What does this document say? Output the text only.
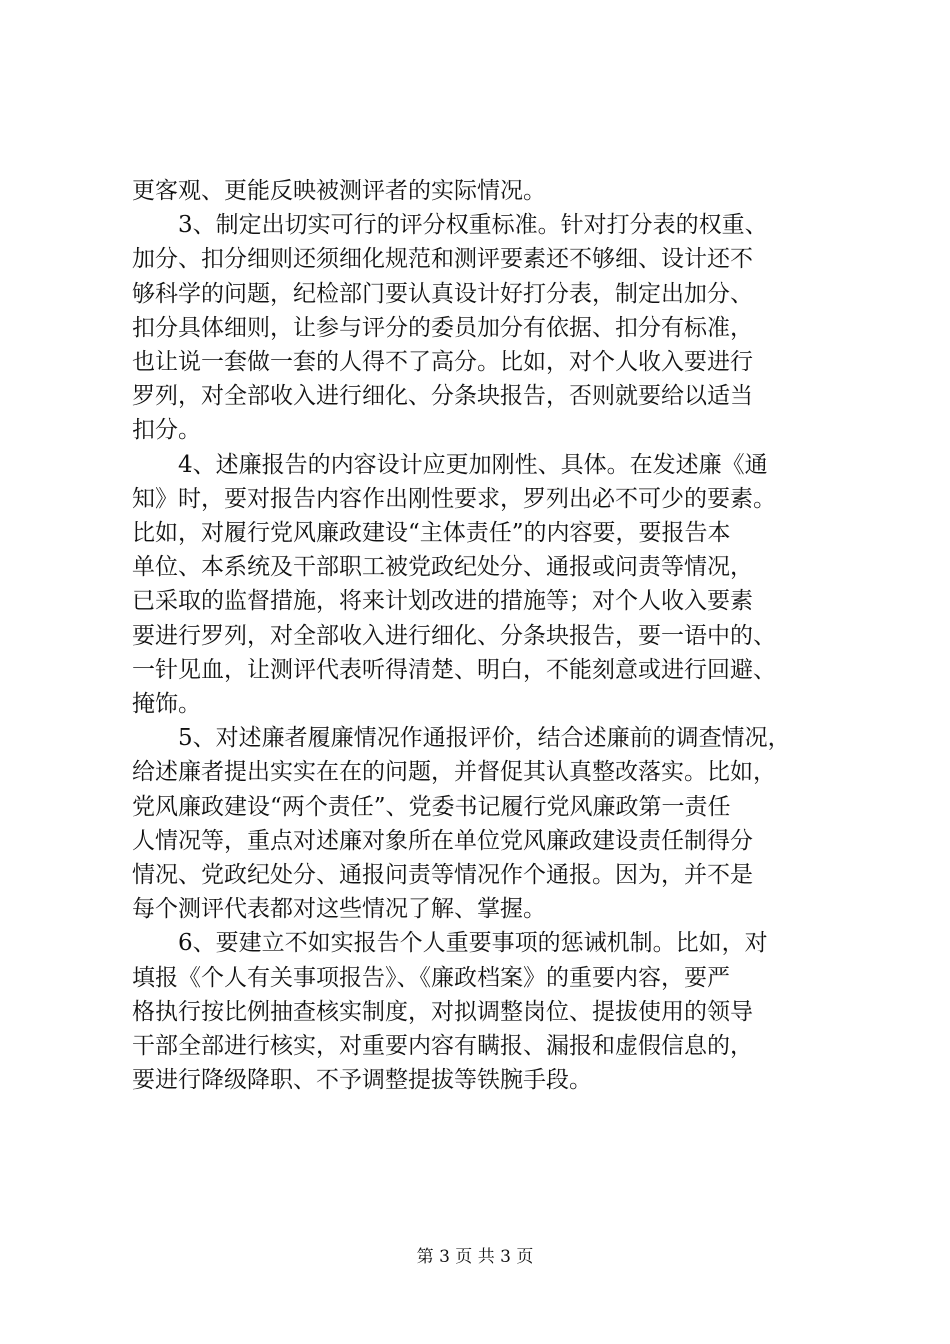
更客观、更能反映被测评者的实际情况。

3、制定出切实可行的评分权重标准。针对打分表的权重、
加分、扣分细则还须细化规范和测评要素还不够细、设计还不
够科学的问题，纪检部门要认真设计好打分表，制定出加分、
扣分具体细则，让参与评分的委员加分有依据、扣分有标准，
也让说一套做一套的人得不了高分。比如，对个人收入要进行
罗列，对全部收入进行细化、分条块报告，否则就要给以适当
扣分。

4、述廉报告的内容设计应更加刚性、具体。在发述廉《通
知》时，要对报告内容作出刚性要求，罗列出必不可少的要素。
比如，对履行党风廉政建设“主体责任”的内容要，要报告本
单位、本系统及干部职工被党政纪处分、通报或问责等情况，
已采取的监督措施，将来计划改进的措施等；对个人收入要素
要进行罗列，对全部收入进行细化、分条块报告，要一语中的、
一针见血，让测评代表听得清楚、明白，不能刻意或进行回避、
掩饰。

5、对述廉者履廉情况作通报评价，结合述廉前的调查情况，
给述廉者提出实实在在的问题，并督促其认真整改落实。比如，
党风廉政建设“两个责任”、党委书记履行党风廉政第一责任
人情况等，重点对述廉对象所在单位党风廉政建设责任制得分
情况、党政纪处分、通报问责等情况作个通报。因为，并不是
每个测评代表都对这些情况了解、掌握。

6、要建立不如实报告个人重要事项的惩诫机制。比如，对
填报《个人有关事项报告》、《廉政档案》的重要内容，要严
格执行按比例抽查核实制度，对拟调整岗位、提拔使用的领导
干部全部进行核实，对重要内容有瞒报、漏报和虚假信息的，
要进行降级降职、不予调整提拔等铁腕手段。

第 3 页 共 3 页
